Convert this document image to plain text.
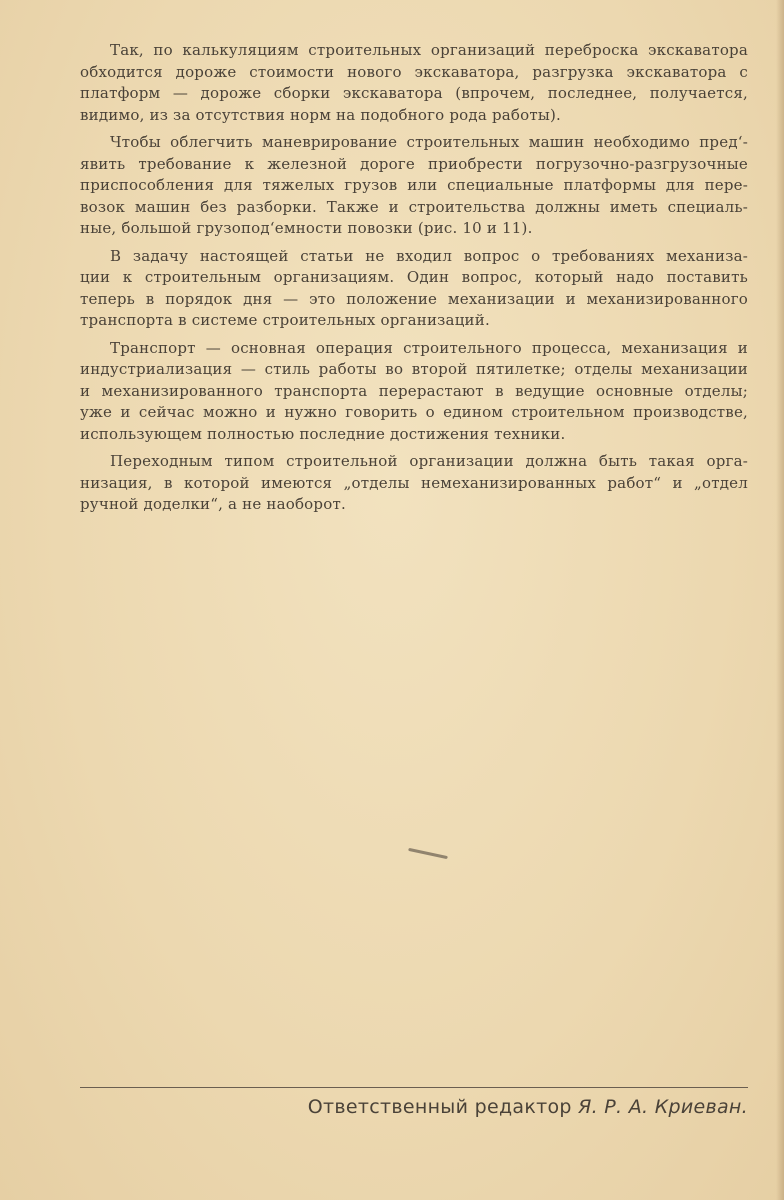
Так, по калькуляциям строительных организаций переброска экскаватора
обходится дороже стоимости нового экскаватора, разгрузка экскаватора с
платформ — дороже сборки экскаватора (впрочем, последнее, получается,
видимо, из за отсутствия норм на подобного рода работы).

Чтобы облегчить маневрирование строительных машин необходимо пред‘-
явить требование к железной дороге приобрести погрузочно-разгрузочные
приспособления для тяжелых грузов или специальные платформы для пере-
возок машин без разборки. Также и строительства должны иметь специаль-
ные, большой грузопод‘емности повозки (рис. 10 и 11).

В задачу настоящей статьи не входил вопрос о требованиях механиза-
ции к строительным организациям. Один вопрос, который надо поставить
теперь в порядок дня — это положение механизации и механизированного
транспорта в системе строительных организаций.

Транспорт — основная операция строительного процесса, механизация и
индустриализация — стиль работы во второй пятилетке; отделы механизации
и механизированного транспорта перерастают в ведущие основные отделы;
уже и сейчас можно и нужно говорить о едином строительном производстве,
использующем полностью последние достижения техники.

Переходным типом строительной организации должна быть такая орга-
низация, в которой имеются „отделы немеханизированных работ“ и „отдел
ручной доделки“, а не наоборот.

Ответственный редактор Я. Р. А. Криеван.
